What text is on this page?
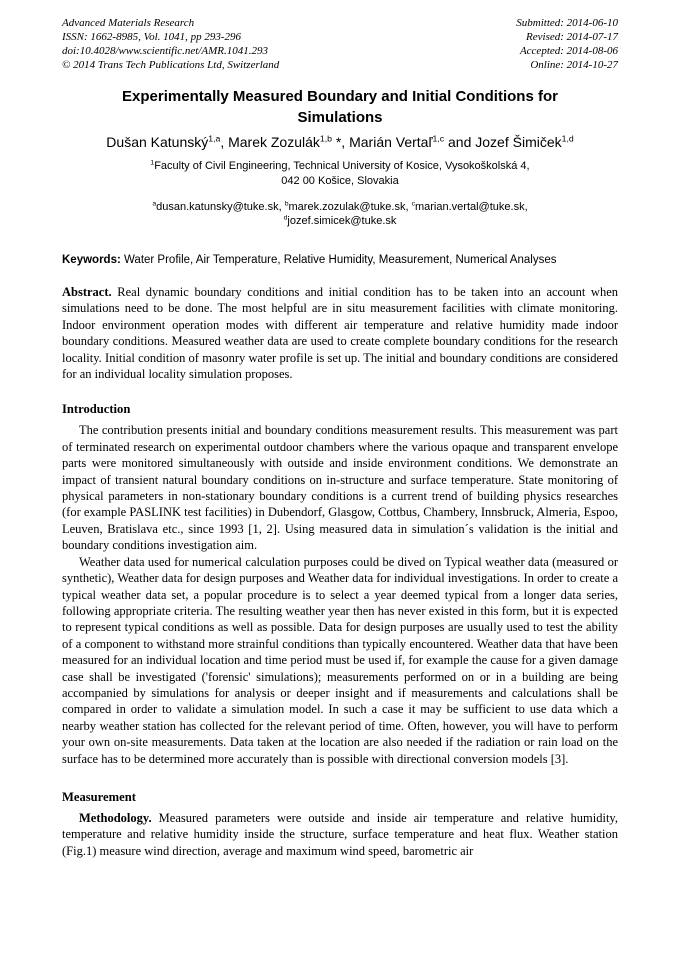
Advanced Materials Research
ISSN: 1662-8985, Vol. 1041, pp 293-296
doi:10.4028/www.scientific.net/AMR.1041.293
© 2014 Trans Tech Publications Ltd, Switzerland
Submitted: 2014-06-10
Revised: 2014-07-17
Accepted: 2014-08-06
Online: 2014-10-27
Experimentally Measured Boundary and Initial Conditions for Simulations
Dušan Katunský$^{1,a}$, Marek Zozulák$^{1,b}$ *, Marián Vertaľ$^{1,c}$ and Jozef Šimiček$^{1,d}$
$^1$Faculty of Civil Engineering, Technical University of Kosice, Vysokoškolská 4,
042 00 Košice, Slovakia
$^a$dusan.katunsky@tuke.sk, $^b$marek.zozulak@tuke.sk, $^c$marian.vertal@tuke.sk,
$^d$jozef.simicek@tuke.sk
Keywords: Water Profile, Air Temperature, Relative Humidity, Measurement, Numerical Analyses

Abstract. Real dynamic boundary conditions and initial condition has to be taken into an account when simulations need to be done. The most helpful are in situ measurement facilities with climate monitoring. Indoor environment operation modes with different air temperature and relative humidity made indoor boundary conditions. Measured weather data are used to create complete boundary conditions for the research locality. Initial condition of masonry water profile is set up. The initial and boundary conditions are considered for an individual locality simulation proposes.

Introduction

The contribution presents initial and boundary conditions measurement results. This measurement was part of terminated research on experimental outdoor chambers where the various opaque and transparent envelope parts were monitored simultaneously with outside and inside environment conditions. We demonstrate an impact of transient natural boundary conditions on in-structure and surface temperature. State monitoring of physical parameters in non-stationary boundary conditions is a current trend of building physics researches (for example PASLINK test facilities) in Dubendorf, Glasgow, Cottbus, Chambery, Innsbruck, Almeria, Espoo, Leuven, Bratislava etc., since 1993 [1, 2]. Using measured data in simulation´s validation is the initial and boundary conditions investigation aim.

Weather data used for numerical calculation purposes could be dived on Typical weather data (measured or synthetic), Weather data for design purposes and Weather data for individual investigations. In order to create a typical weather data set, a popular procedure is to select a year deemed typical from a longer data series, following appropriate criteria. The resulting weather year then has never existed in this form, but it is expected to represent typical conditions as well as possible. Data for design purposes are usually used to test the ability of a component to withstand more strainful conditions than typically encountered. Weather data that have been measured for an individual location and time period must be used if, for example the cause for a given damage case shall be investigated ('forensic' simulations); measurements performed on or in a building are being accompanied by simulations for analysis or deeper insight and if measurements and calculations shall be compared in order to validate a simulation model. In such a case it may be sufficient to use data which a nearby weather station has collected for the relevant period of time. Often, however, you will have to perform your own on-site measurements. Data taken at the location are also needed if the radiation or rain load on the surface has to be determined more accurately than is possible with directional conversion models [3].

Measurement

Methodology. Measured parameters were outside and inside air temperature and relative humidity, temperature and relative humidity inside the structure, surface temperature and heat flux. Weather station (Fig.1) measure wind direction, average and maximum wind speed, barometric air
